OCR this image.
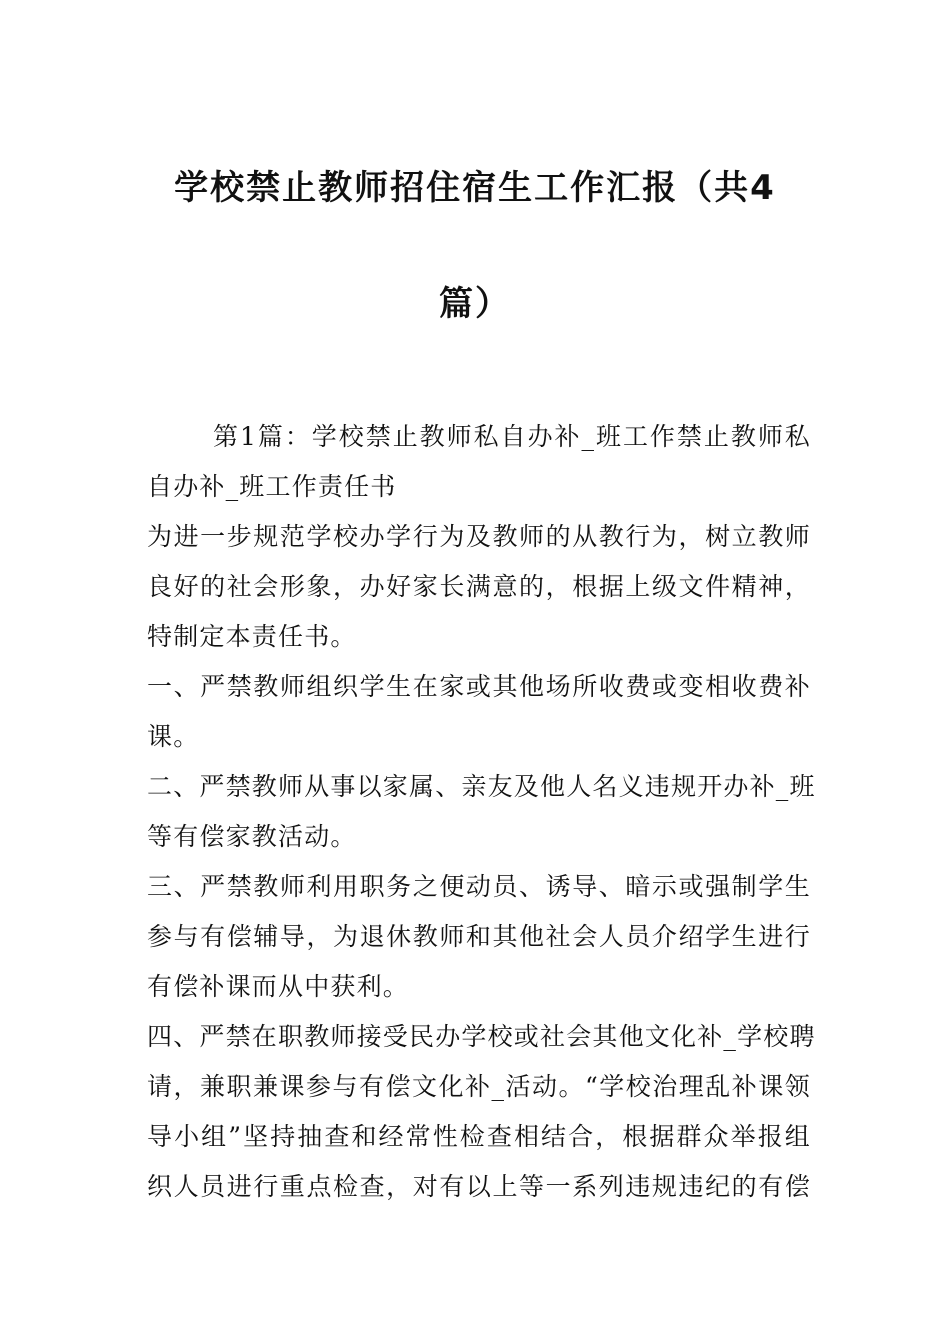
学校禁止教师招住宿生工作汇报（共4
篇）
第1篇：学校禁止教师私自办补_班工作禁止教师私
自办补_班工作责任书
为进一步规范学校办学行为及教师的从教行为，树立教师
良好的社会形象，办好家长满意的，根据上级文件精神，
特制定本责任书。
一、严禁教师组织学生在家或其他场所收费或变相收费补
课。
二、严禁教师从事以家属、亲友及他人名义违规开办补_班
等有偿家教活动。
三、严禁教师利用职务之便动员、诱导、暗示或强制学生
参与有偿辅导，为退休教师和其他社会人员介绍学生进行
有偿补课而从中获利。
四、严禁在职教师接受民办学校或社会其他文化补_学校聘
请，兼职兼课参与有偿文化补_活动。“学校治理乱补课领
导小组”坚持抽查和经常性检查相结合，根据群众举报组
织人员进行重点检查，对有以上等一系列违规违纪的有偿
